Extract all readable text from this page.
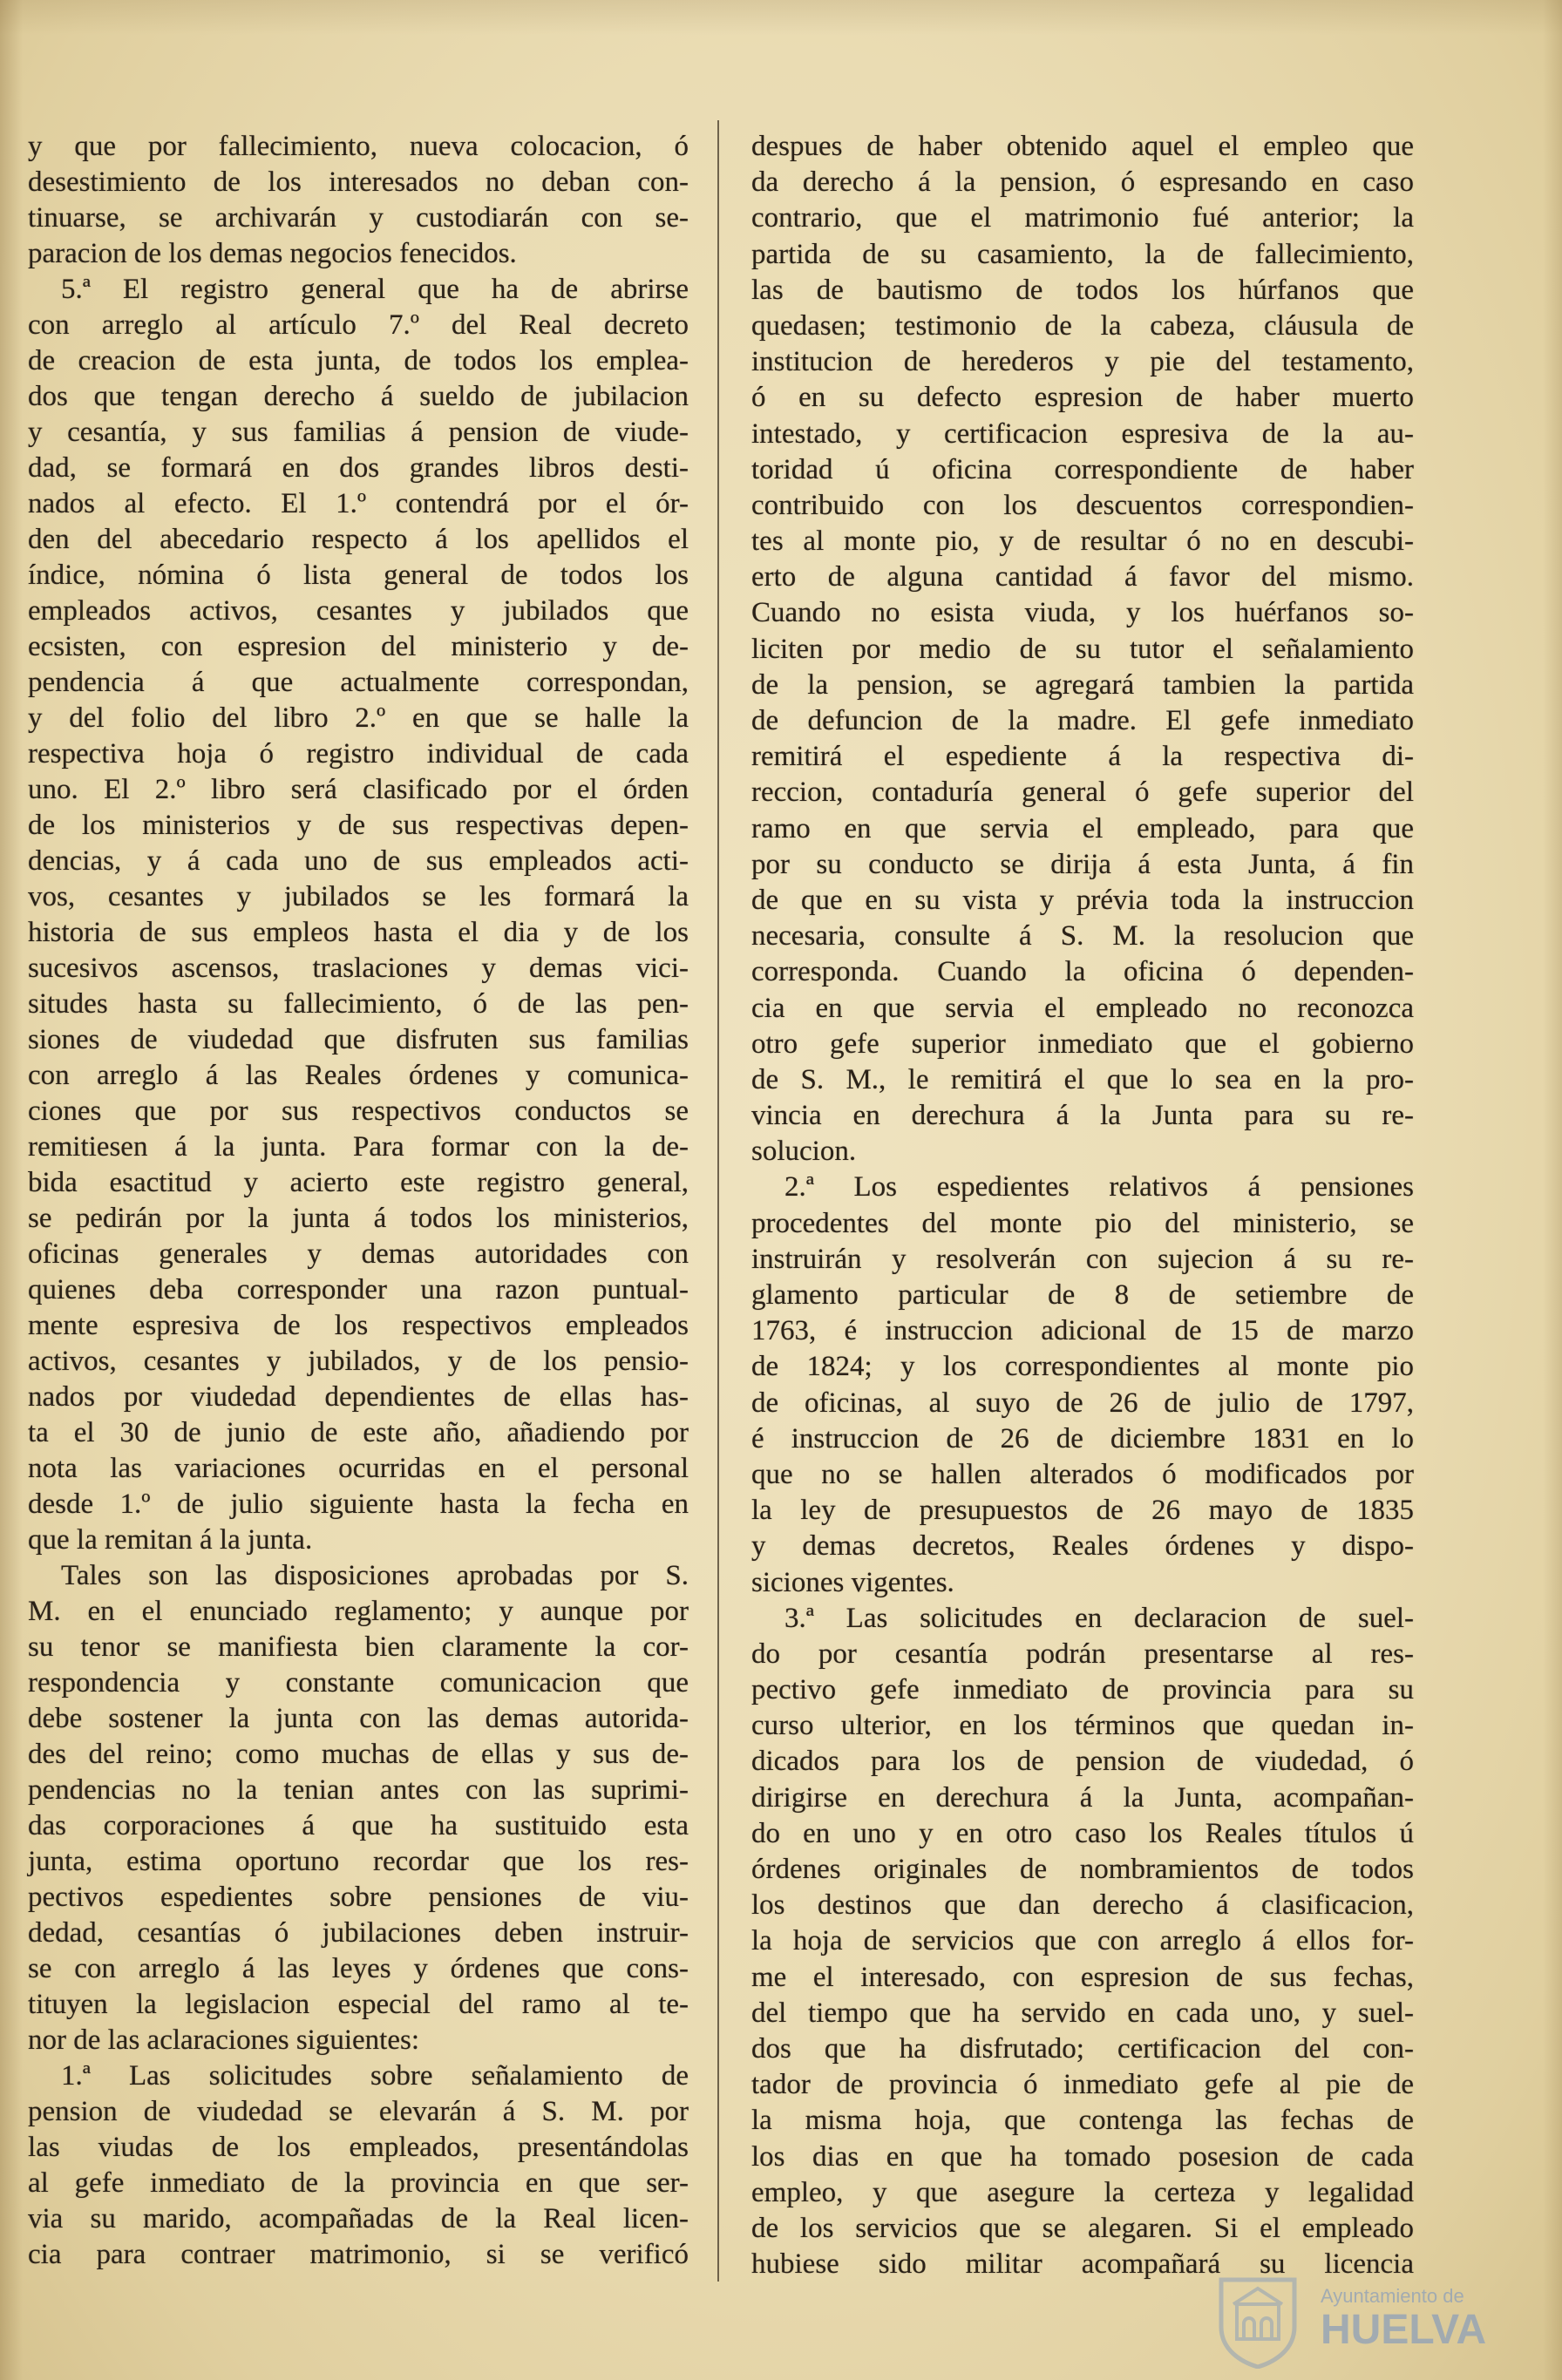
y que por fallecimiento, nueva colocacion, ó
desestimiento de los interesados no deban con-
tinuarse, se archivarán y custodiarán con se-
paracion de los demas negocios fenecidos.
5.ª El registro general que ha de abrirse
con arreglo al artículo 7.º del Real decreto
de creacion de esta junta, de todos los emplea-
dos que tengan derecho á sueldo de jubilacion
y cesantía, y sus familias á pension de viude-
dad, se formará en dos grandes libros desti-
nados al efecto. El 1.º contendrá por el ór-
den del abecedario respecto á los apellidos el
índice, nómina ó lista general de todos los
empleados activos, cesantes y jubilados que
ecsisten, con espresion del ministerio y de-
pendencia á que actualmente correspondan,
y del folio del libro 2.º en que se halle la
respectiva hoja ó registro individual de cada
uno. El 2.º libro será clasificado por el órden
de los ministerios y de sus respectivas depen-
dencias, y á cada uno de sus empleados acti-
vos, cesantes y jubilados se les formará la
historia de sus empleos hasta el dia y de los
sucesivos ascensos, traslaciones y demas vici-
situdes hasta su fallecimiento, ó de las pen-
siones de viudedad que disfruten sus familias
con arreglo á las Reales órdenes y comunica-
ciones que por sus respectivos conductos se
remitiesen á la junta. Para formar con la de-
bida esactitud y acierto este registro general,
se pedirán por la junta á todos los ministerios,
oficinas generales y demas autoridades con
quienes deba corresponder una razon puntual-
mente espresiva de los respectivos empleados
activos, cesantes y jubilados, y de los pensio-
nados por viudedad dependientes de ellas has-
ta el 30 de junio de este año, añadiendo por
nota las variaciones ocurridas en el personal
desde 1.º de julio siguiente hasta la fecha en
que la remitan á la junta.
Tales son las disposiciones aprobadas por S.
M. en el enunciado reglamento; y aunque por
su tenor se manifiesta bien claramente la cor-
respondencia y constante comunicacion que
debe sostener la junta con las demas autorida-
des del reino; como muchas de ellas y sus de-
pendencias no la tenian antes con las suprimi-
das corporaciones á que ha sustituido esta
junta, estima oportuno recordar que los res-
pectivos espedientes sobre pensiones de viu-
dedad, cesantías ó jubilaciones deben instruir-
se con arreglo á las leyes y órdenes que cons-
tituyen la legislacion especial del ramo al te-
nor de las aclaraciones siguientes:
1.ª Las solicitudes sobre señalamiento de
pension de viudedad se elevarán á S. M. por
las viudas de los empleados, presentándolas
al gefe inmediato de la provincia en que ser-
via su marido, acompañadas de la Real licen-
cia para contraer matrimonio, si se verificó
despues de haber obtenido aquel el empleo que
da derecho á la pension, ó espresando en caso
contrario, que el matrimonio fué anterior; la
partida de su casamiento, la de fallecimiento,
las de bautismo de todos los húrfanos que
quedasen; testimonio de la cabeza, cláusula de
institucion de herederos y pie del testamento,
ó en su defecto espresion de haber muerto
intestado, y certificacion espresiva de la au-
toridad ú oficina correspondiente de haber
contribuido con los descuentos correspondien-
tes al monte pio, y de resultar ó no en descubi-
erto de alguna cantidad á favor del mismo.
Cuando no esista viuda, y los huérfanos so-
liciten por medio de su tutor el señalamiento
de la pension, se agregará tambien la partida
de defuncion de la madre. El gefe inmediato
remitirá el espediente á la respectiva di-
reccion, contaduría general ó gefe superior del
ramo en que servia el empleado, para que
por su conducto se dirija á esta Junta, á fin
de que en su vista y prévia toda la instruccion
necesaria, consulte á S. M. la resolucion que
corresponda. Cuando la oficina ó dependen-
cia en que servia el empleado no reconozca
otro gefe superior inmediato que el gobierno
de S. M., le remitirá el que lo sea en la pro-
vincia en derechura á la Junta para su re-
solucion.
2.ª Los espedientes relativos á pensiones
procedentes del monte pio del ministerio, se
instruirán y resolverán con sujecion á su re-
glamento particular de 8 de setiembre de
1763, é instruccion adicional de 15 de marzo
de 1824; y los correspondientes al monte pio
de oficinas, al suyo de 26 de julio de 1797,
é instruccion de 26 de diciembre 1831 en lo
que no se hallen alterados ó modificados por
la ley de presupuestos de 26 mayo de 1835
y demas decretos, Reales órdenes y dispo-
siciones vigentes.
3.ª Las solicitudes en declaracion de suel-
do por cesantía podrán presentarse al res-
pectivo gefe inmediato de provincia para su
curso ulterior, en los términos que quedan in-
dicados para los de pension de viudedad, ó
dirigirse en derechura á la Junta, acompañan-
do en uno y en otro caso los Reales títulos ú
órdenes originales de nombramientos de todos
los destinos que dan derecho á clasificacion,
la hoja de servicios que con arreglo á ellos for-
me el interesado, con espresion de sus fechas,
del tiempo que ha servido en cada uno, y suel-
dos que ha disfrutado; certificacion del con-
tador de provincia ó inmediato gefe al pie de
la misma hoja, que contenga las fechas de
los dias en que ha tomado posesion de cada
empleo, y que asegure la certeza y legalidad
de los servicios que se alegaren. Si el empleado
hubiese sido militar acompañará su licencia
Ayuntamiento de
HUELVA
